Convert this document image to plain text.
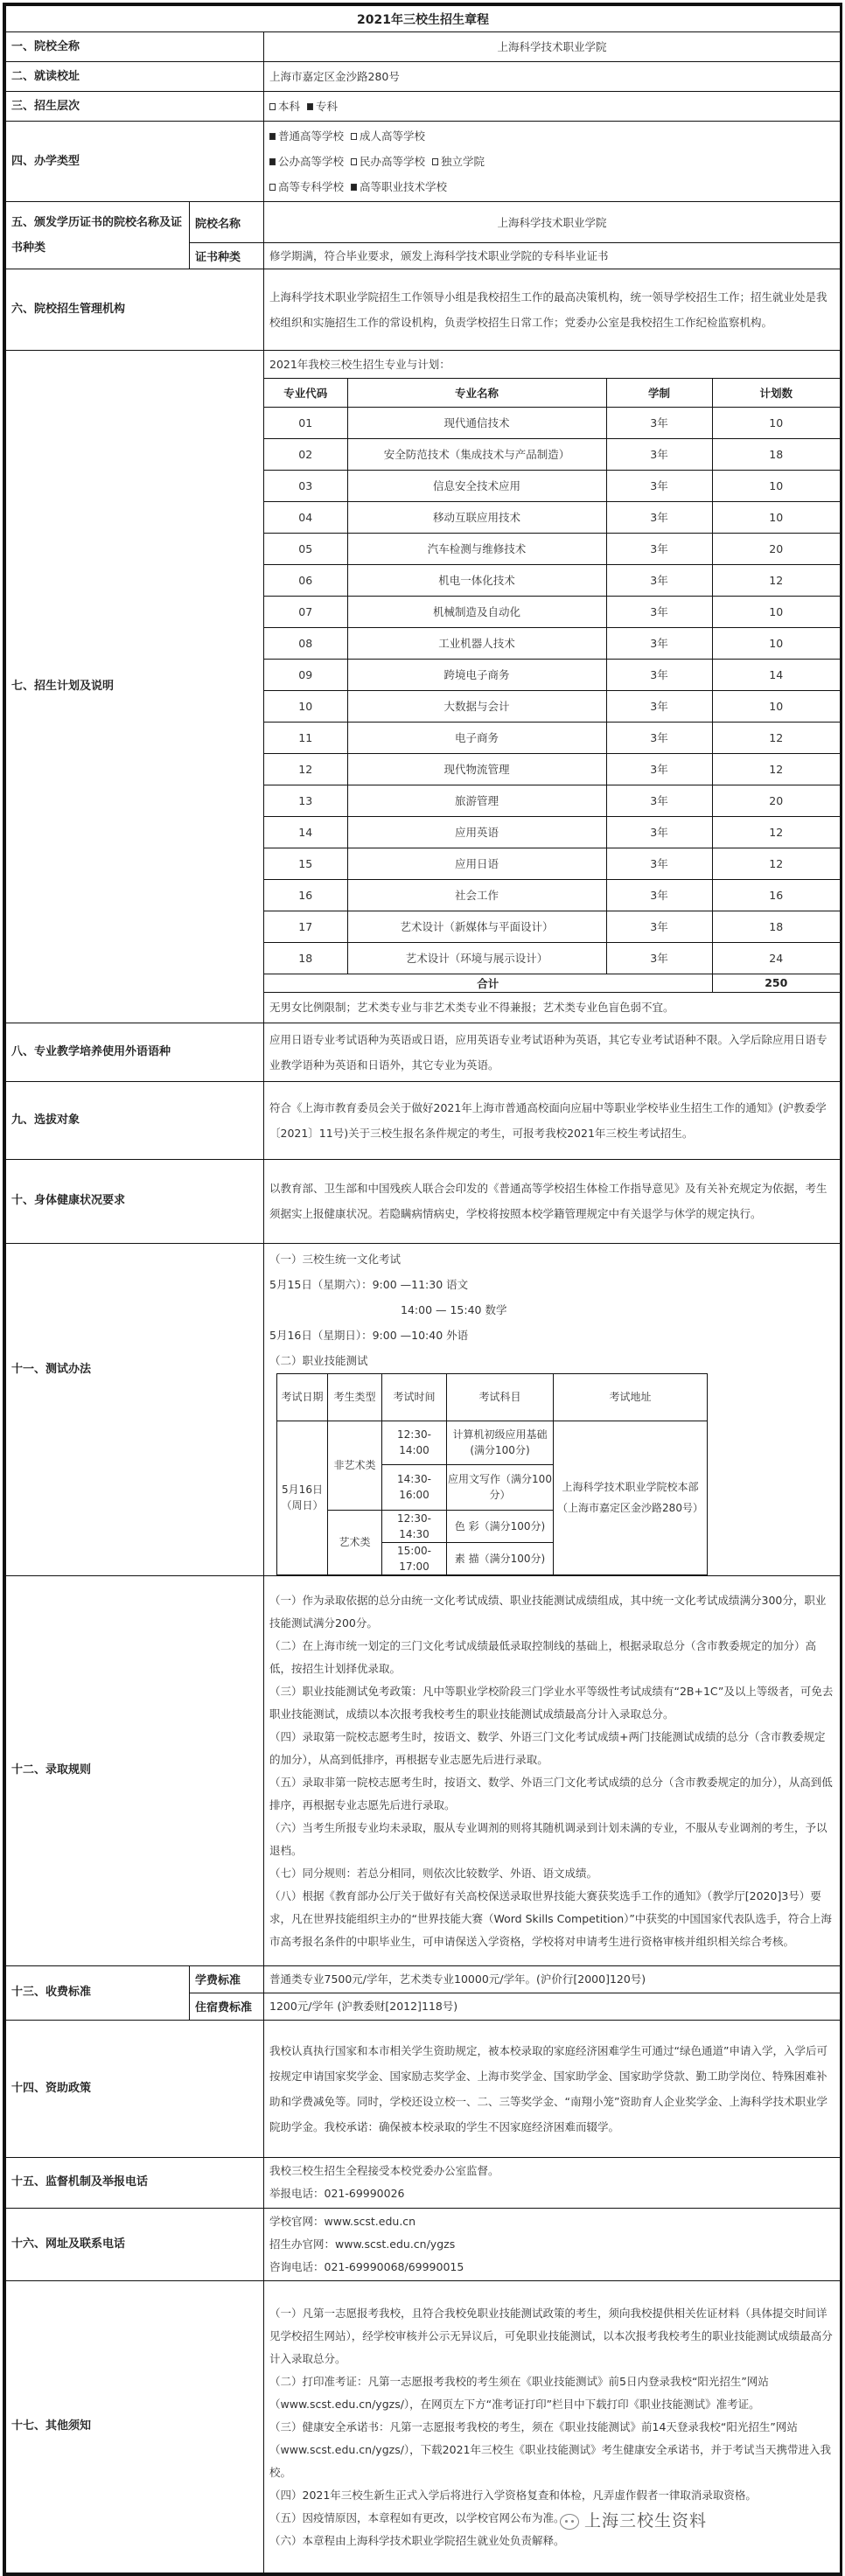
2021年三校生招生章程
一、院校全称	上海科学技术职业学院
二、就读校址	上海市嘉定区金沙路280号
三、招生层次	本科 专科
四、办学类型	
普通高等学校 成人高等学校
公办高等学校 民办高等学校 独立学院
高等专科学校 高等职业技术学校

五、颁发学历证书的院校名称及证书种类	院校名称	上海科学技术职业学院
证书种类	修学期满，符合毕业要求，颁发上海科学技术职业学院的专科毕业证书
六、院校招生管理机构	上海科学技术职业学院招生工作领导小组是我校招生工作的最高决策机构，统一领导学校招生工作；招生就业处是我校组织和实施招生工作的常设机构，负责学校招生日常工作；党委办公室是我校招生工作纪检监察机构。
七、招生计划及说明	
2021年我校三校生招生专业与计划：
专业代码	专业名称	学制	计划数
01	现代通信技术	3年	10
02	安全防范技术（集成技术与产品制造）	3年	18
03	信息安全技术应用	3年	10
04	移动互联应用技术	3年	10
05	汽车检测与维修技术	3年	20
06	机电一体化技术	3年	12
07	机械制造及自动化	3年	10
08	工业机器人技术	3年	10
09	跨境电子商务	3年	14
10	大数据与会计	3年	10
11	电子商务	3年	12
12	现代物流管理	3年	12
13	旅游管理	3年	20
14	应用英语	3年	12
15	应用日语	3年	12
16	社会工作	3年	16
17	艺术设计（新媒体与平面设计）	3年	18
18	艺术设计（环境与展示设计）	3年	24
合计	250
无男女比例限制；艺术类专业与非艺术类专业不得兼报；艺术类专业色盲色弱不宜。

八、专业教学培养使用外语语种	应用日语专业考试语种为英语或日语，应用英语专业考试语种为英语，其它专业考试语种不限。入学后除应用日语专业教学语种为英语和日语外，其它专业为英语。
九、选拔对象	符合《上海市教育委员会关于做好2021年上海市普通高校面向应届中等职业学校毕业生招生工作的通知》(沪教委学〔2021〕11号)关于三校生报名条件规定的考生，可报考我校2021年三校生考试招生。
十、身体健康状况要求	以教育部、卫生部和中国残疾人联合会印发的《普通高等学校招生体检工作指导意见》及有关补充规定为依据，考生须据实上报健康状况。若隐瞒病情病史，学校将按照本校学籍管理规定中有关退学与休学的规定执行。
十一、测试办法	
（一）三校生统一文化考试
5月15日（星期六）：9:00 —11:30 语文
14:00 — 15:40 数学
5月16日（星期日）：9:00 —10:40 外语
（二）职业技能测试
考试日期	考生类型	考试时间	考试科目	考试地址
5月16日（周日）	非艺术类	12:30-14:00	计算机初级应用基础(满分100分)	上海科学技术职业学院校本部（上海市嘉定区金沙路280号）
14:30-16:00	应用文写作（满分100分）
艺术类	12:30-14:30	色 彩（满分100分)
15:00-17:00	素 描（满分100分)

十二、录取规则	
（一）作为录取依据的总分由统一文化考试成绩、职业技能测试成绩组成，其中统一文化考试成绩满分300分，职业技能测试满分200分。
（二）在上海市统一划定的三门文化考试成绩最低录取控制线的基础上，根据录取总分（含市教委规定的加分）高低，按招生计划择优录取。
（三）职业技能测试免考政策：凡中等职业学校阶段三门学业水平等级性考试成绩有“2B+1C”及以上等级者，可免去职业技能测试，成绩以本次报考我校考生的职业技能测试成绩最高分计入录取总分。
（四）录取第一院校志愿考生时，按语文、数学、外语三门文化考试成绩+两门技能测试成绩的总分（含市教委规定的加分），从高到低排序，再根据专业志愿先后进行录取。
（五）录取非第一院校志愿考生时，按语文、数学、外语三门文化考试成绩的总分（含市教委规定的加分），从高到低排序，再根据专业志愿先后进行录取。
（六）当考生所报专业均未录取，服从专业调剂的则将其随机调录到计划未满的专业，不服从专业调剂的考生，予以退档。
（七）同分规则：若总分相同，则依次比较数学、外语、语文成绩。
（八）根据《教育部办公厅关于做好有关高校保送录取世界技能大赛获奖选手工作的通知》（教学厅[2020]3号）要求，凡在世界技能组织主办的“世界技能大赛（Word Skills Competition）”中获奖的中国国家代表队选手，符合上海市高考报名条件的中职毕业生，可申请保送入学资格，学校将对申请考生进行资格审核并组织相关综合考核。

十三、收费标准	学费标准	普通类专业7500元/学年，艺术类专业10000元/学年。(沪价行[2000]120号)
住宿费标准	1200元/学年 (沪教委财[2012]118号)
十四、资助政策	我校认真执行国家和本市相关学生资助规定，被本校录取的家庭经济困难学生可通过“绿色通道”申请入学，入学后可按规定申请国家奖学金、国家励志奖学金、上海市奖学金、国家助学金、国家助学贷款、勤工助学岗位、特殊困难补助和学费减免等。同时，学校还设立校一、二、三等奖学金、“南翔小笼”资助育人企业奖学金、上海科学技术职业学院助学金。我校承诺：确保被本校录取的学生不因家庭经济困难而辍学。
十五、监督机制及举报电话	
我校三校生招生全程接受本校党委办公室监督。
举报电话：021-69990026

十六、网址及联系电话	
学校官网：www.scst.edu.cn
招生办官网：www.scst.edu.cn/ygzs
咨询电话：021-69990068/69990015

十七、其他须知	
（一）凡第一志愿报考我校，且符合我校免职业技能测试政策的考生，须向我校提供相关佐证材料（具体提交时间详见学校招生网站），经学校审核并公示无异议后，可免职业技能测试，以本次报考我校考生的职业技能测试成绩最高分计入录取总分。
（二）打印准考证：凡第一志愿报考我校的考生须在《职业技能测试》前5日内登录我校“阳光招生”网站（www.scst.edu.cn/ygzs/），在网页左下方“准考证打印”栏目中下载打印《职业技能测试》准考证。
（三）健康安全承诺书：凡第一志愿报考我校的考生，须在《职业技能测试》前14天登录我校“阳光招生”网站（www.scst.edu.cn/ygzs/），下载2021年三校生《职业技能测试》考生健康安全承诺书，并于考试当天携带进入我校。
（四）2021年三校生新生正式入学后将进行入学资格复查和体检，凡弄虚作假者一律取消录取资格。
（五）因疫情原因，本章程如有更改，以学校官网公布为准。
（六）本章程由上海科学技术职业学院招生就业处负责解释。
上海三校生资料
